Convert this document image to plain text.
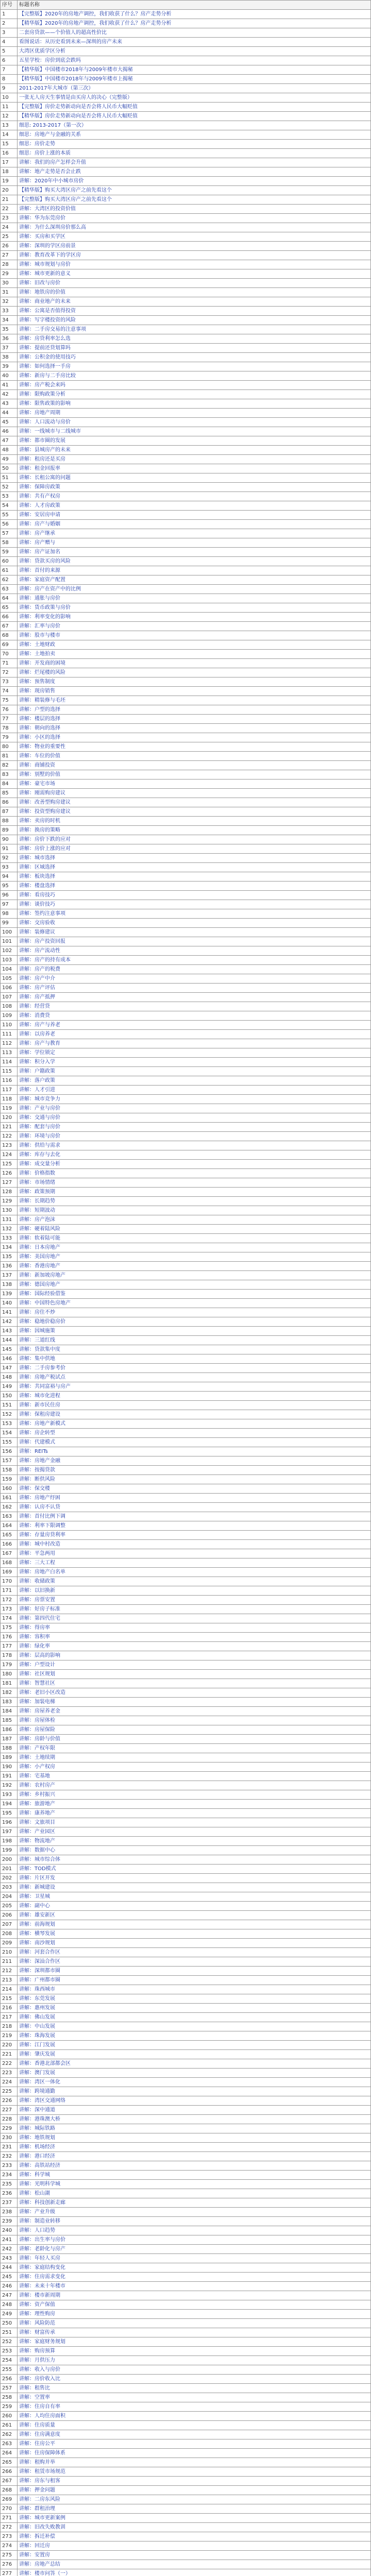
序号	标题名称
1	【完整版】2020年的房地产调控，我们收获了什么？房产走势分析
2	【精华版】2020年的房地产调控，我们收获了什么？房产走势分析
3	二套房贷款——个价值人的超高性价比
4	看图说话：从历史看到未来—深圳的房产未来
5	大湾区优质学区分析
6	五星学校：房价到底会跌吗
7	【精华版】中国楼市2018年与2009年楼市大揭秘
8	【精华版】中国楼市2018年与2009年楼市上揭秘
9	2011-2017年大城市（第三次）
10	一张无人房天生事情是由买房人的决心（完整版）
11	【完整版】房价走势新动向是否会将人民币大幅贬值
12	【精华版】房价走势新动向是否会将人民币大幅贬值
13	细思: 2013-2017（第一次）
14	细思：房地产与金融的关系
15	细思：房价走势
16	细思：房价上涨的本质
17	讲解：我们的房产怎样会升值
18	讲解：地产走势是否会止跌
19	讲解：2020年中小城市房价
20	【精华版】购买大湾区房产之前先看这个
21	【完整版】购买大湾区房产之前先看这个
22	讲解：大湾区的投资价值
23	讲解：华为东莞房价
24	讲解：为什么深圳房价那么高
25	讲解：买房和买学区
26	讲解：深圳的学区房前景
27	讲解：教育改革下的学区房
28	讲解：城市规划与房价
29	讲解：城市更新的意义
30	讲解：旧改与房价
31	讲解：地铁房的价值
32	讲解：商业地产的未来
33	讲解：公寓是否值得投资
34	讲解：写字楼投资的风险
35	讲解：二手房交易的注意事项
36	讲解：房贷利率怎么选
37	讲解：提前还贷划算吗
38	讲解：公积金的使用技巧
39	讲解：如何选择一手房
40	讲解：新房与二手房比较
41	讲解：房产税会来吗
42	讲解：限购政策分析
43	讲解：限售政策的影响
44	讲解：房地产周期
45	讲解：人口流动与房价
46	讲解：一线城市与二线城市
47	讲解：都市圈的发展
48	讲解：县城房产的未来
49	讲解：租房还是买房
50	讲解：租金回报率
51	讲解：长租公寓的问题
52	讲解：保障房政策
53	讲解：共有产权房
54	讲解：人才房政策
55	讲解：安居房申请
56	讲解：房产与婚姻
57	讲解：房产继承
58	讲解：房产赠与
59	讲解：房产证加名
60	讲解：贷款买房的风险
61	讲解：首付的来源
62	讲解：家庭资产配置
63	讲解：房产在资产中的比例
64	讲解：通胀与房价
65	讲解：货币政策与房价
66	讲解：利率变化的影响
67	讲解：汇率与房价
68	讲解：股市与楼市
69	讲解：土地财政
70	讲解：土地拍卖
71	讲解：开发商的困境
72	讲解：烂尾楼的风险
73	讲解：预售制度
74	讲解：现房销售
75	讲解：精装修与毛坯
76	讲解：户型的选择
77	讲解：楼层的选择
78	讲解：朝向的选择
79	讲解：小区的选择
80	讲解：物业的重要性
81	讲解：车位的价值
82	讲解：商铺投资
83	讲解：别墅的价值
84	讲解：豪宅市场
85	讲解：刚需购房建议
86	讲解：改善型购房建议
87	讲解：投资型购房建议
88	讲解：卖房的时机
89	讲解：换房的策略
90	讲解：房价下跌的应对
91	讲解：房价上涨的应对
92	讲解：城市选择
93	讲解：区域选择
94	讲解：板块选择
95	讲解：楼盘选择
96	讲解：看房技巧
97	讲解：谈价技巧
98	讲解：签约注意事项
99	讲解：交房验收
100	讲解：装修建议
101	讲解：房产投资回报
102	讲解：房产流动性
103	讲解：房产的持有成本
104	讲解：房产的税费
105	讲解：房产中介
106	讲解：房产评估
107	讲解：房产抵押
108	讲解：经营贷
109	讲解：消费贷
110	讲解：房产与养老
111	讲解：以房养老
112	讲解：房产与教育
113	讲解：学位锁定
114	讲解：积分入学
115	讲解：户籍政策
116	讲解：落户政策
117	讲解：人才引进
118	讲解：城市竞争力
119	讲解：产业与房价
120	讲解：交通与房价
121	讲解：配套与房价
122	讲解：环境与房价
123	讲解：供给与需求
124	讲解：库存与去化
125	讲解：成交量分析
126	讲解：价格指数
127	讲解：市场情绪
128	讲解：政策预期
129	讲解：长期趋势
130	讲解：短期波动
131	讲解：房产泡沫
132	讲解：硬着陆风险
133	讲解：软着陆可能
134	讲解：日本房地产
135	讲解：美国房地产
136	讲解：香港房地产
137	讲解：新加坡房地产
138	讲解：德国房地产
139	讲解：国际经验借鉴
140	讲解：中国特色房地产
141	讲解：房住不炒
142	讲解：稳地价稳房价
143	讲解：因城施策
144	讲解：三道红线
145	讲解：贷款集中度
146	讲解：集中供地
147	讲解：二手房参考价
148	讲解：房地产税试点
149	讲解：共同富裕与房产
150	讲解：城市化进程
151	讲解：新市民住房
152	讲解：保租房建设
153	讲解：房地产新模式
154	讲解：房企转型
155	讲解：代建模式
156	讲解：REITs
157	讲解：房地产金融
158	讲解：按揭贷款
159	讲解：断供风险
160	讲解：保交楼
161	讲解：房地产纾困
162	讲解：认房不认贷
163	讲解：首付比例下调
164	讲解：利率下限调整
165	讲解：存量房贷利率
166	讲解：城中村改造
167	讲解：平急两用
168	讲解：三大工程
169	讲解：房地产白名单
170	讲解：收储政策
171	讲解：以旧换新
172	讲解：房票安置
173	讲解：好房子标准
174	讲解：第四代住宅
175	讲解：得房率
176	讲解：容积率
177	讲解：绿化率
178	讲解：层高的影响
179	讲解：户型设计
180	讲解：社区规划
181	讲解：智慧社区
182	讲解：老旧小区改造
183	讲解：加装电梯
184	讲解：房屋养老金
185	讲解：房屋体检
186	讲解：房屋保险
187	讲解：房龄与价值
188	讲解：产权年限
189	讲解：土地续期
190	讲解：小产权房
191	讲解：宅基地
192	讲解：农村房产
193	讲解：乡村振兴
194	讲解：旅游地产
195	讲解：康养地产
196	讲解：文旅项目
197	讲解：产业园区
198	讲解：物流地产
199	讲解：数据中心
200	讲解：城市综合体
201	讲解：TOD模式
202	讲解：片区开发
203	讲解：新城建设
204	讲解：卫星城
205	讲解：副中心
206	讲解：雄安新区
207	讲解：前海规划
208	讲解：横琴发展
209	讲解：南沙规划
210	讲解：河套合作区
211	讲解：深汕合作区
212	讲解：深圳都市圈
213	讲解：广州都市圈
214	讲解：珠西城市
215	讲解：东莞发展
216	讲解：惠州发展
217	讲解：佛山发展
218	讲解：中山发展
219	讲解：珠海发展
220	讲解：江门发展
221	讲解：肇庆发展
222	讲解：香港北部都会区
223	讲解：澳门发展
224	讲解：湾区一体化
225	讲解：跨境通勤
226	讲解：湾区交通网络
227	讲解：深中通道
228	讲解：港珠澳大桥
229	讲解：城际铁路
230	讲解：地铁规划
231	讲解：机场经济
232	讲解：港口经济
233	讲解：高铁站经济
234	讲解：科学城
235	讲解：光明科学城
236	讲解：松山湖
237	讲解：科技创新走廊
238	讲解：产业升级
239	讲解：制造业转移
240	讲解：人口趋势
241	讲解：出生率与房价
242	讲解：老龄化与房产
243	讲解：年轻人买房
244	讲解：家庭结构变化
245	讲解：住房需求变化
246	讲解：未来十年楼市
247	讲解：楼市新周期
248	讲解：资产保值
249	讲解：理性购房
250	讲解：风险防范
251	讲解：财富传承
252	讲解：家庭财务规划
253	讲解：购房预算
254	讲解：月供压力
255	讲解：收入与房价
256	讲解：房价收入比
257	讲解：租售比
258	讲解：空置率
259	讲解：住房自有率
260	讲解：人均住房面积
261	讲解：住房质量
262	讲解：住房满意度
263	讲解：住房公平
264	讲解：住房保障体系
265	讲解：租购并举
266	讲解：租赁市场规范
267	讲解：房东与租客
268	讲解：押金问题
269	讲解：二房东风险
270	讲解：群租治理
271	讲解：城市更新案例
272	讲解：旧改失败教训
273	讲解：拆迁补偿
274	讲解：回迁房
275	讲解：安置房
276	讲解：房地产总结
277	讲解：楼市问答（一）
